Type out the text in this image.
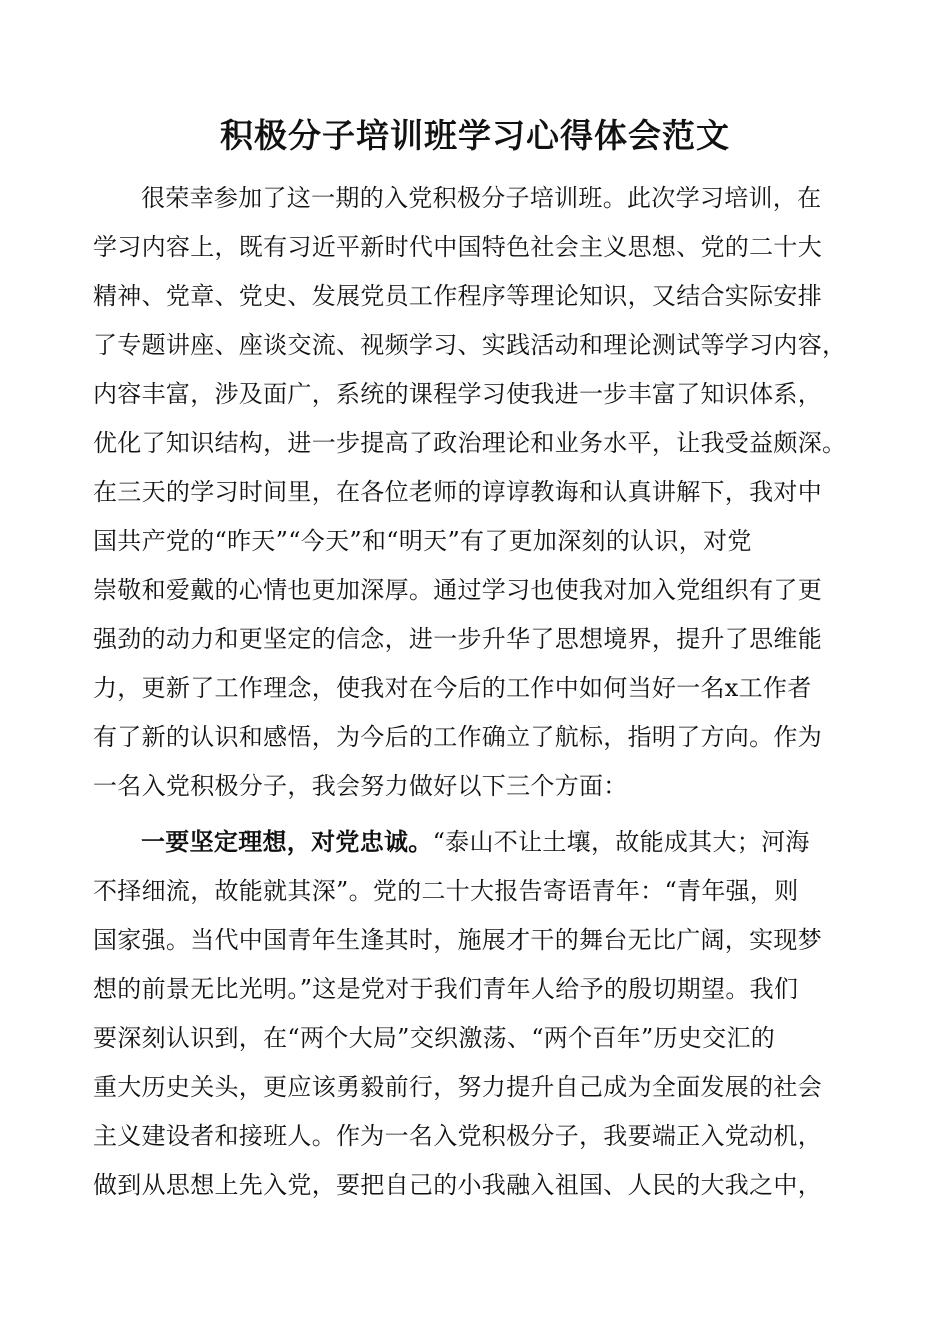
积极分子培训班学习心得体会范文
很荣幸参加了这一期的入党积极分子培训班。此次学习培训，在
学习内容上，既有习近平新时代中国特色社会主义思想、党的二十大
精神、党章、党史、发展党员工作程序等理论知识，又结合实际安排
了专题讲座、座谈交流、视频学习、实践活动和理论测试等学习内容，
内容丰富，涉及面广，系统的课程学习使我进一步丰富了知识体系，
优化了知识结构，进一步提高了政治理论和业务水平，让我受益颇深。
在三天的学习时间里，在各位老师的谆谆教诲和认真讲解下，我对中
国共产党的“昨天”“今天”和“明天”有了更加深刻的认识，对党
崇敬和爱戴的心情也更加深厚。通过学习也使我对加入党组织有了更
强劲的动力和更坚定的信念，进一步升华了思想境界，提升了思维能
力，更新了工作理念，使我对在今后的工作中如何当好一名x工作者
有了新的认识和感悟，为今后的工作确立了航标，指明了方向。作为
一名入党积极分子，我会努力做好以下三个方面：
一要坚定理想，对党忠诚。“泰山不让土壤，故能成其大；河海
不择细流，故能就其深”。党的二十大报告寄语青年：“青年强，则
国家强。当代中国青年生逢其时，施展才干的舞台无比广阔，实现梦
想的前景无比光明。”这是党对于我们青年人给予的殷切期望。我们
要深刻认识到，在“两个大局”交织激荡、“两个百年”历史交汇的
重大历史关头，更应该勇毅前行，努力提升自己成为全面发展的社会
主义建设者和接班人。作为一名入党积极分子，我要端正入党动机，
做到从思想上先入党，要把自己的小我融入祖国、人民的大我之中，
